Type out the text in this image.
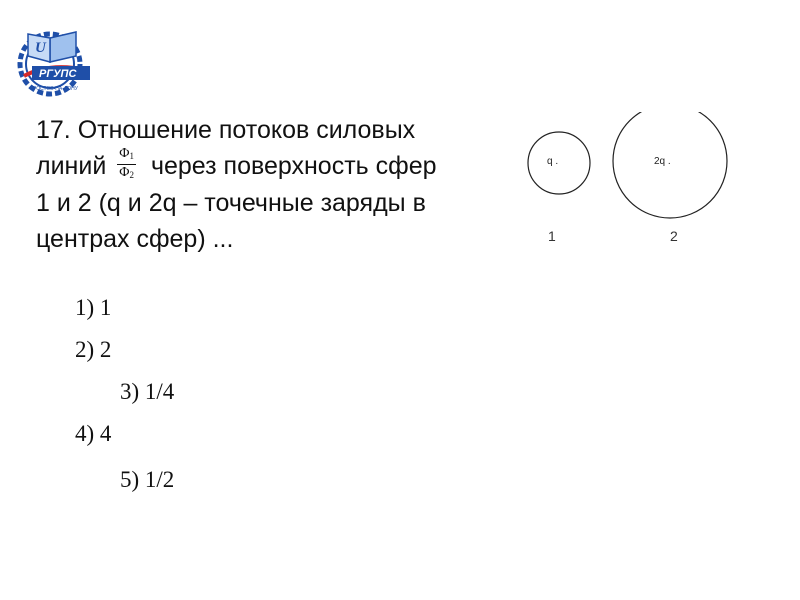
U
РГУПС
РОСТОВ-НА-ДОНУ
17. Отношение потоков силовых
линий $\frac{\Phi_1}{\Phi_2}$ через поверхность сфер
1 и 2 (q и 2q – точечные заряды в
центрах сфер) ...
q .	2q .
1	2
1) 1
2) 2
3) 1/4
4) 4
5) 1/2
